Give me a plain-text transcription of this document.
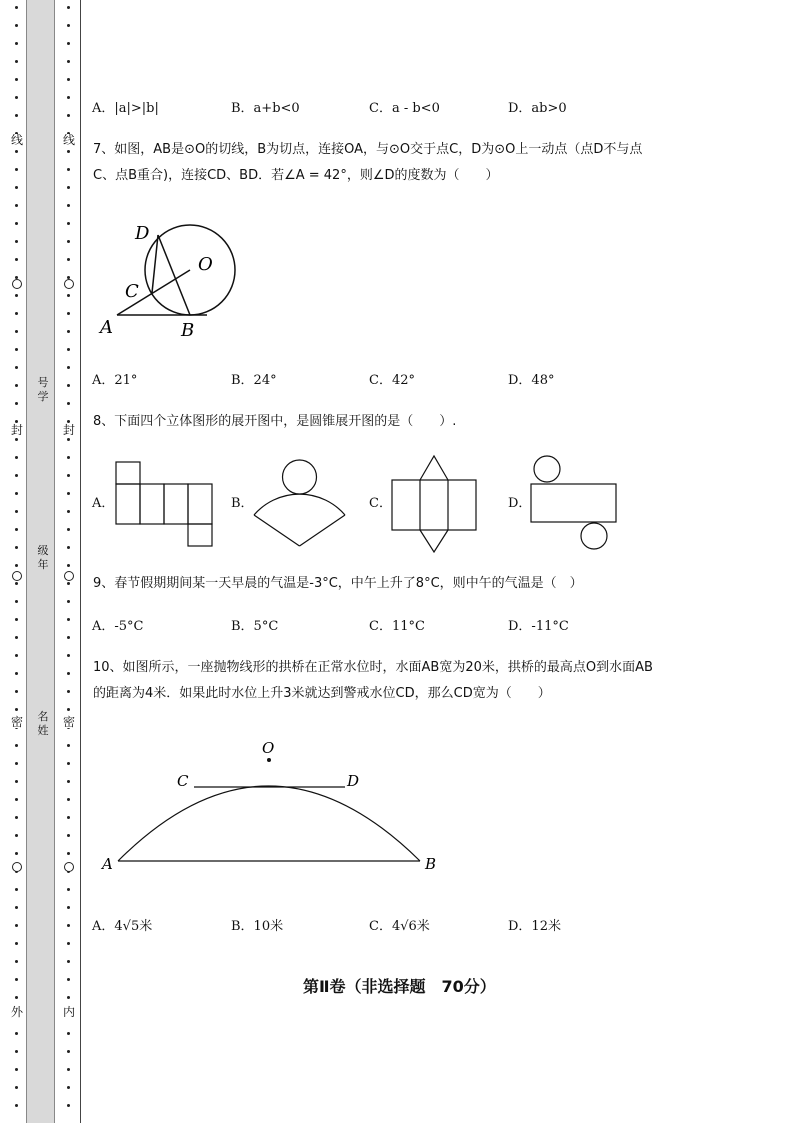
线
封
密
外
线
封
密
内
号学
级年
名姓
A．|a|>|b|	B．a+b<0	C．a - b<0	D．ab>0
7、如图，AB是⊙O的切线，B为切点，连接OA，与⊙O交于点C，D为⊙O上一动点（点D不与点
C、点B重合)，连接CD、BD．若∠A = 42°，则∠D的度数为（　　）
D
O
C
A	B
A．21°	B．24°	C．42°	D．48°
8、下面四个立体图形的展开图中，是圆锥展开图的是（　　）.
A．	B．	C．	D．
9、春节假期期间某一天早晨的气温是-3°C，中午上升了8°C，则中午的气温是（　）
A．-5°C	B．5°C	C．11°C	D．-11°C
10、如图所示，一座抛物线形的拱桥在正常水位时，水面AB宽为20米，拱桥的最高点O到水面AB
的距离为4米．如果此时水位上升3米就达到警戒水位CD，那么CD宽为（　　）
O
C	D
A	B
A．4√5米	B．10米	C．4√6米	D．12米
第Ⅱ卷（非选择题　70分）
